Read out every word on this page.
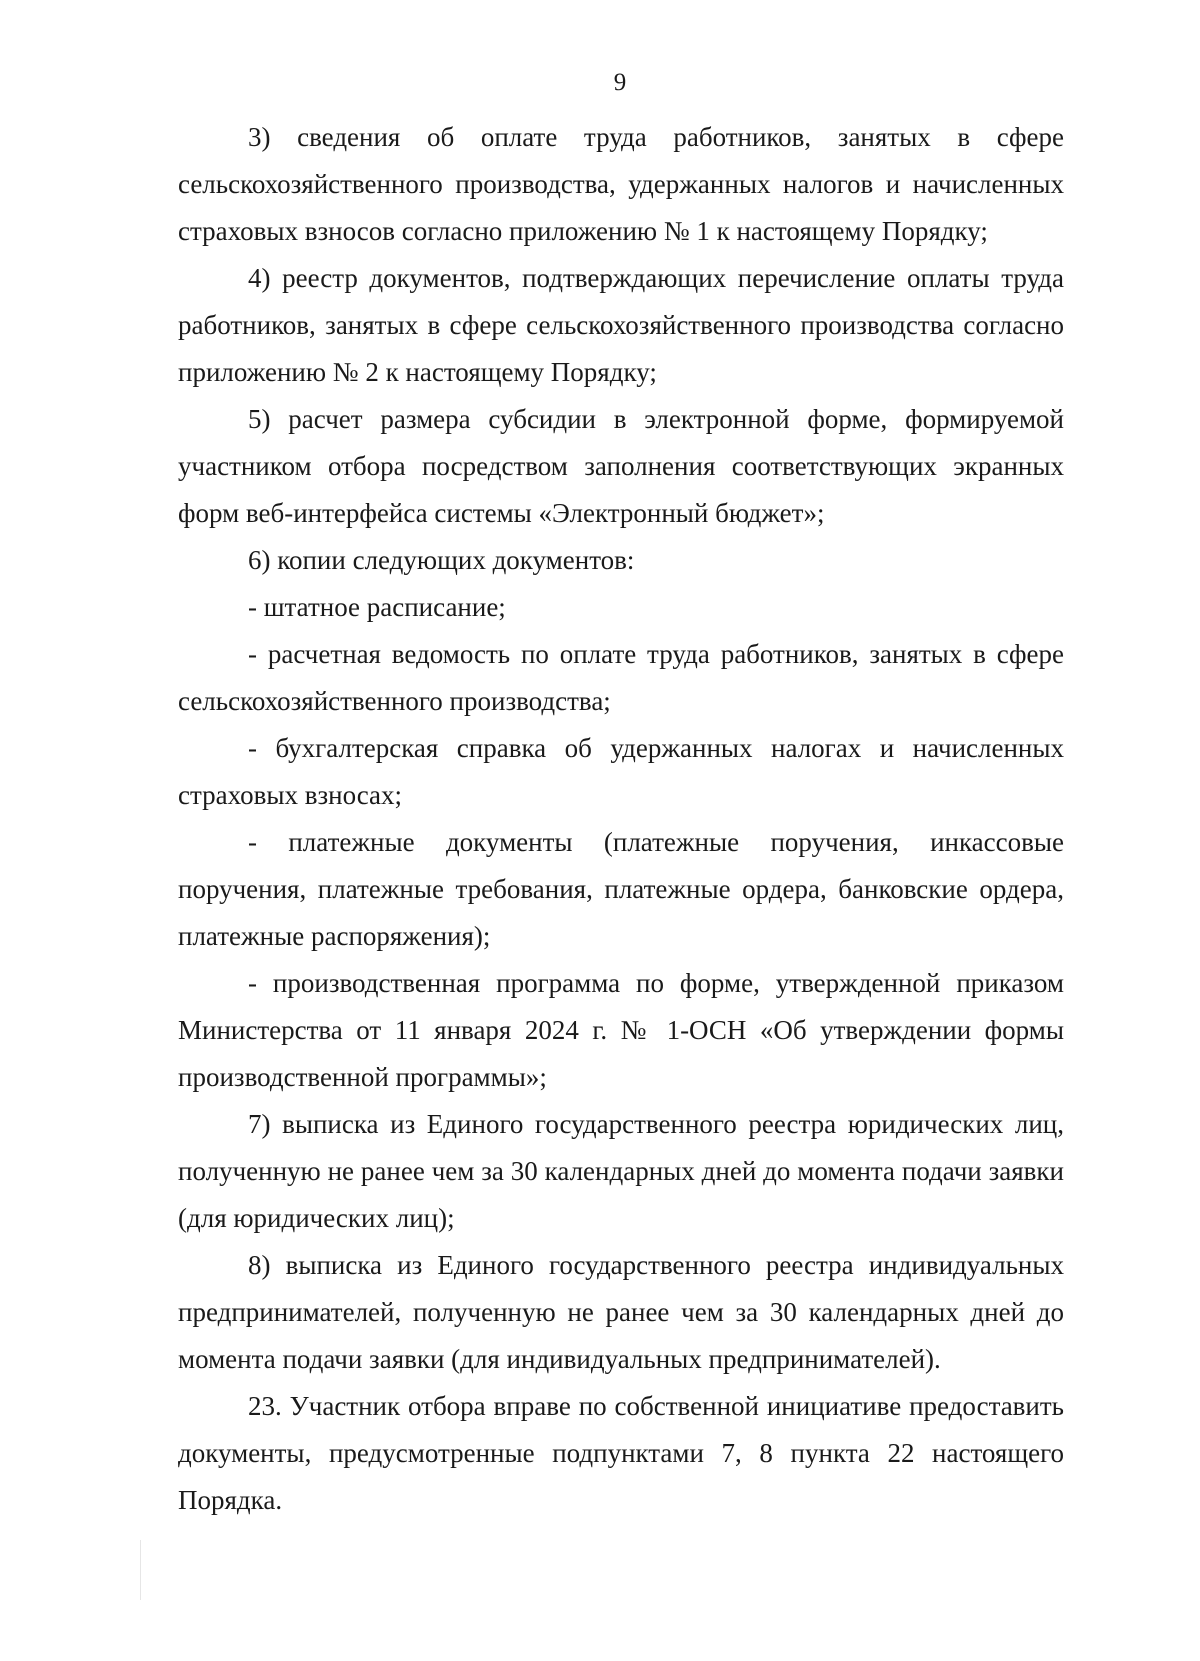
9

3) сведения об оплате труда работников, занятых в сфере сельскохозяйственного производства, удержанных налогов и начисленных страховых взносов согласно приложению № 1 к настоящему Порядку;

4) реестр документов, подтверждающих перечисление оплаты труда работников, занятых в сфере сельскохозяйственного производства согласно приложению № 2 к настоящему Порядку;

5) расчет размера субсидии в электронной форме, формируемой участником отбора посредством заполнения соответствующих экранных форм веб-интерфейса системы «Электронный бюджет»;

6) копии следующих документов:

- штатное расписание;

- расчетная ведомость по оплате труда работников, занятых в сфере сельскохозяйственного производства;

- бухгалтерская справка об удержанных налогах и начисленных страховых взносах;

- платежные документы (платежные поручения, инкассовые поручения, платежные требования, платежные ордера, банковские ордера, платежные распоряжения);

- производственная программа по форме, утвержденной приказом Министерства от 11 января 2024 г. № 1-ОСН «Об утверждении формы производственной программы»;

7) выписка из Единого государственного реестра юридических лиц, полученную не ранее чем за 30 календарных дней до момента подачи заявки (для юридических лиц);

8) выписка из Единого государственного реестра индивидуальных предпринимателей, полученную не ранее чем за 30 календарных дней до момента подачи заявки (для индивидуальных предпринимателей).

23. Участник отбора вправе по собственной инициативе предоставить документы, предусмотренные подпунктами 7, 8 пункта 22 настоящего Порядка.
